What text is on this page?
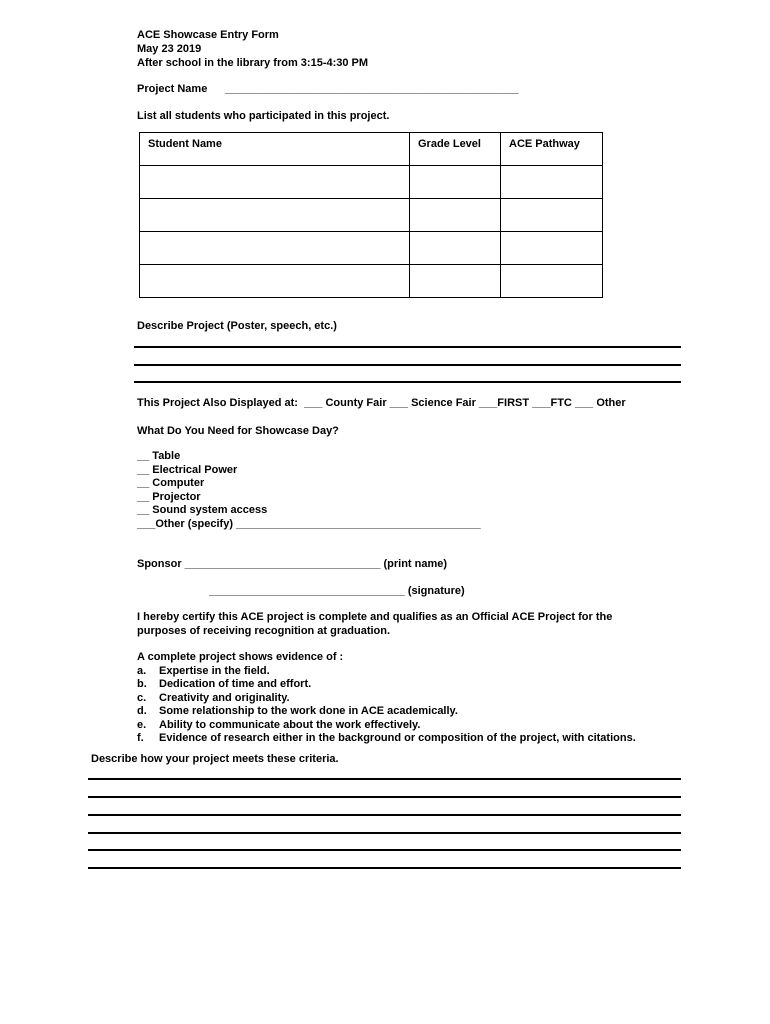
ACE Showcase Entry Form
May 23 2019
After school in the library from 3:15-4:30 PM
Project Name ________________________________________________
List all students who participated in this project.
Student Name	Grade Level	ACE Pathway

Describe Project (Poster, speech, etc.)
This Project Also Displayed at:  ___ County Fair ___ Science Fair ___FIRST ___FTC ___ Other
What Do You Need for Showcase Day?
__ Table
__ Electrical Power
__ Computer
__ Projector
__ Sound system access
___Other (specify) ________________________________________
Sponsor ________________________________ (print name)
________________________________ (signature)
I hereby certify this ACE project is complete and qualifies as an Official ACE Project for the
purposes of receiving recognition at graduation.
A complete project shows evidence of :
a. Expertise in the field.
b. Dedication of time and effort.
c. Creativity and originality.
d. Some relationship to the work done in ACE academically.
e. Ability to communicate about the work effectively.
f. Evidence of research either in the background or composition of the project, with citations.
Describe how your project meets these criteria.
